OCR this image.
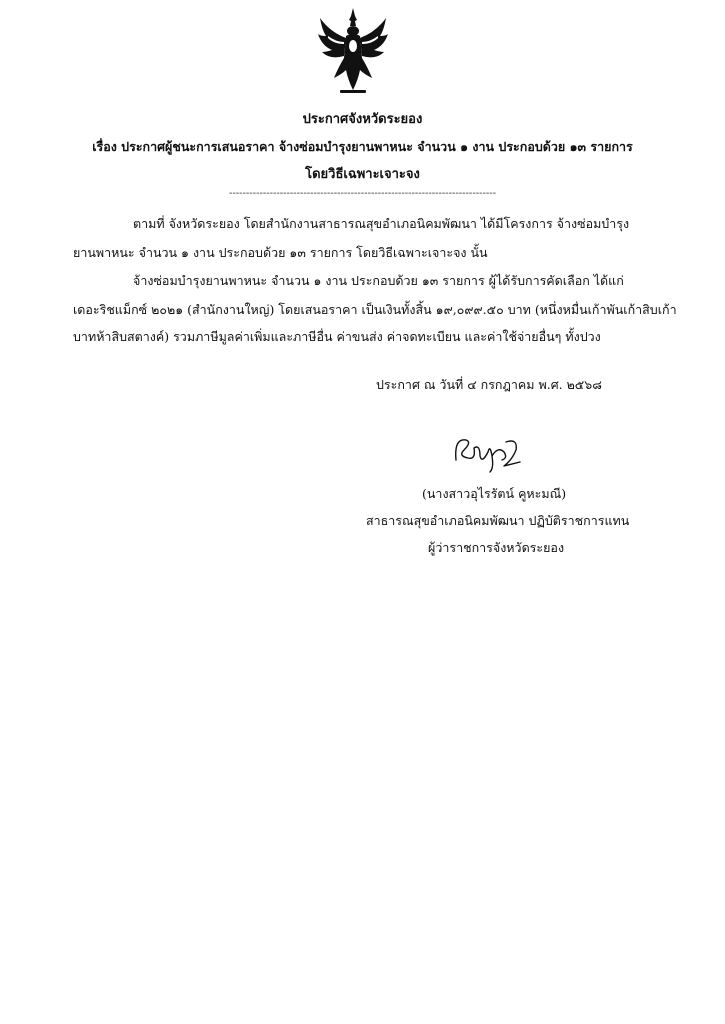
ประกาศจังหวัดระยอง
เรื่อง ประกาศผู้ชนะการเสนอราคา จ้างซ่อมบำรุงยานพาหนะ จำนวน ๑ งาน ประกอบด้วย ๑๓ รายการ
โดยวิธีเฉพาะเจาะจง
-------------------------------------------------------------------------------
ตามที่ จังหวัดระยอง โดยสำนักงานสาธารณสุขอำเภอนิคมพัฒนา ได้มีโครงการ จ้างซ่อมบำรุง
ยานพาหนะ จำนวน ๑ งาน ประกอบด้วย ๑๓ รายการ โดยวิธีเฉพาะเจาะจง นั้น
จ้างซ่อมบำรุงยานพาหนะ จำนวน ๑ งาน ประกอบด้วย ๑๓ รายการ ผู้ได้รับการคัดเลือก ได้แก่
เดอะริชแม็กซ์ ๒๐๒๑ (สำนักงานใหญ่) โดยเสนอราคา เป็นเงินทั้งสิ้น ๑๙,๐๙๙.๕๐ บาท (หนึ่งหมื่นเก้าพันเก้าสิบเก้า
บาทห้าสิบสตางค์) รวมภาษีมูลค่าเพิ่มและภาษีอื่น ค่าขนส่ง ค่าจดทะเบียน และค่าใช้จ่ายอื่นๆ ทั้งปวง
ประกาศ ณ วันที่ ๔ กรกฎาคม พ.ศ. ๒๕๖๘
(นางสาวอุไรรัตน์ คูหะมณี)
สาธารณสุขอำเภอนิคมพัฒนา ปฏิบัติราชการแทน
ผู้ว่าราชการจังหวัดระยอง
